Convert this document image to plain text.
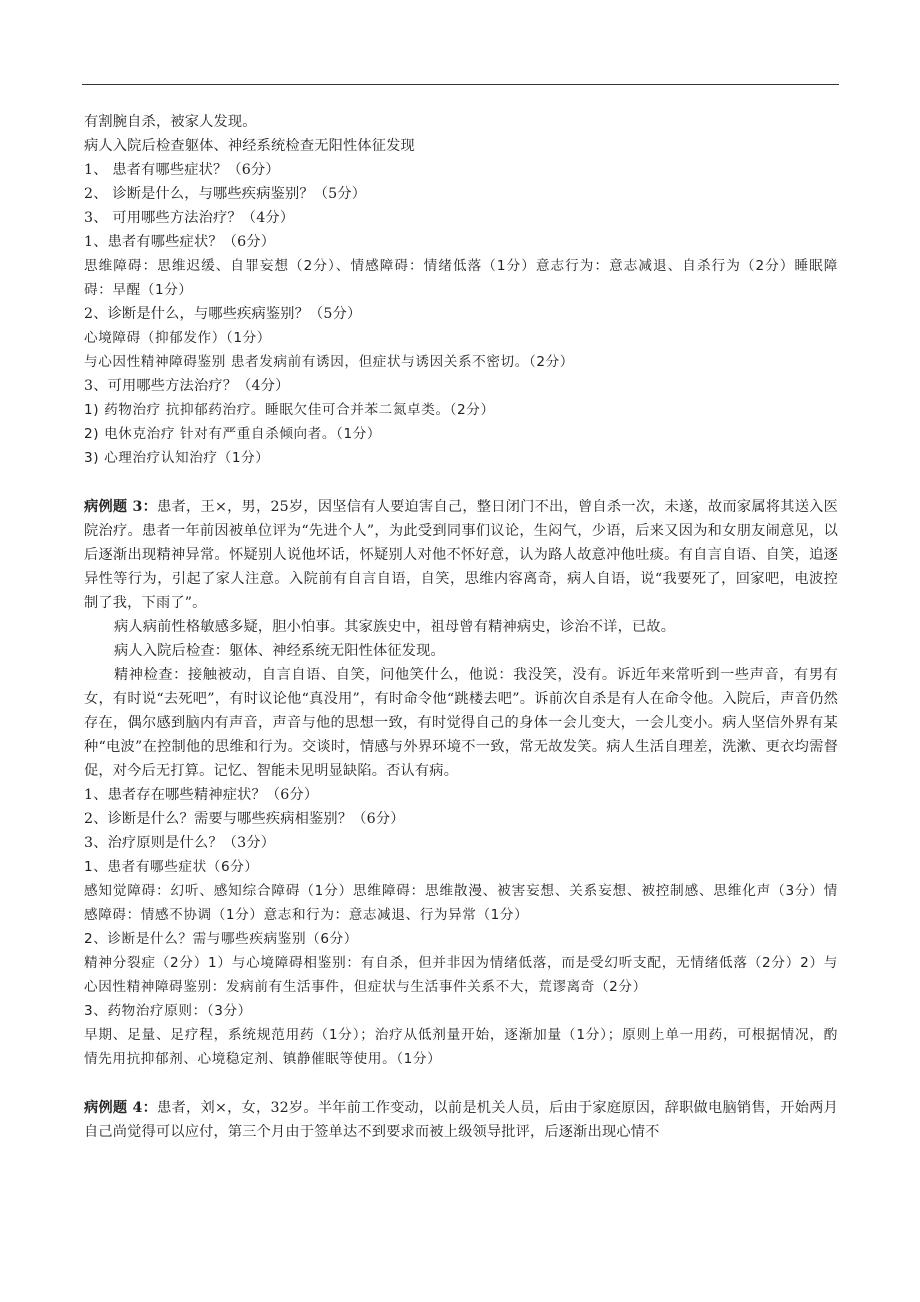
有割腕自杀，被家人发现。

病人入院后检查躯体、神经系统检查无阳性体征发现

1、 患者有哪些症状？（6分）

2、 诊断是什么，与哪些疾病鉴别？（5分）

3、 可用哪些方法治疗？（4分）

1、患者有哪些症状？（6分）

思维障碍：思维迟缓、自罪妄想（2分）、情感障碍：情绪低落（1分）意志行为：意志减退、自杀行为（2分）睡眠障碍：早醒（1分）

2、诊断是什么，与哪些疾病鉴别？（5分）

心境障碍（抑郁发作）（1分）

与心因性精神障碍鉴别 患者发病前有诱因，但症状与诱因关系不密切。（2分）

3、可用哪些方法治疗？（4分）

1) 药物治疗 抗抑郁药治疗。睡眠欠佳可合并苯二氮卓类。（2分）

2) 电休克治疗 针对有严重自杀倾向者。（1分）

3) 心理治疗认知治疗（1分）

病例题 3：患者，王×，男，25岁，因坚信有人要迫害自己，整日闭门不出，曾自杀一次，未遂，故而家属将其送入医院治疗。患者一年前因被单位评为“先进个人”，为此受到同事们议论，生闷气，少语，后来又因为和女朋友闹意见，以后逐渐出现精神异常。怀疑别人说他坏话，怀疑别人对他不怀好意，认为路人故意冲他吐痰。有自言自语、自笑，追逐异性等行为，引起了家人注意。入院前有自言自语，自笑，思维内容离奇，病人自语，说“我要死了，回家吧，电波控制了我，下雨了”。

病人病前性格敏感多疑，胆小怕事。其家族史中，祖母曾有精神病史，诊治不详，已故。

病人入院后检查：躯体、神经系统无阳性体征发现。

精神检查：接触被动，自言自语、自笑，问他笑什么，他说：我没笑，没有。诉近年来常听到一些声音，有男有女，有时说“去死吧”，有时议论他“真没用”，有时命令他“跳楼去吧”。诉前次自杀是有人在命令他。入院后，声音仍然存在，偶尔感到脑内有声音，声音与他的思想一致，有时觉得自己的身体一会儿变大，一会儿变小。病人坚信外界有某种“电波”在控制他的思维和行为。交谈时，情感与外界环境不一致，常无故发笑。病人生活自理差，洗漱、更衣均需督促，对今后无打算。记忆、智能未见明显缺陷。否认有病。

1、患者存在哪些精神症状？（6分）

2、诊断是什么？需要与哪些疾病相鉴别？（6分）

3、治疗原则是什么？（3分）

1、患者有哪些症状（6分）

感知觉障碍：幻听、感知综合障碍（1分）思维障碍：思维散漫、被害妄想、关系妄想、被控制感、思维化声（3分）情感障碍：情感不协调（1分）意志和行为：意志减退、行为异常（1分）

2、诊断是什么？需与哪些疾病鉴别（6分）

精神分裂症（2分）1）与心境障碍相鉴别：有自杀，但并非因为情绪低落，而是受幻听支配，无情绪低落（2分）2）与心因性精神障碍鉴别：发病前有生活事件，但症状与生活事件关系不大，荒谬离奇（2分）

3、药物治疗原则：（3分）

早期、足量、足疗程，系统规范用药（1分）；治疗从低剂量开始，逐渐加量（1分）；原则上单一用药，可根据情况，酌情先用抗抑郁剂、心境稳定剂、镇静催眠等使用。（1分）

病例题 4：患者，刘×，女，32岁。半年前工作变动，以前是机关人员，后由于家庭原因，辞职做电脑销售，开始两月自己尚觉得可以应付，第三个月由于签单达不到要求而被上级领导批评，后逐渐出现心情不
